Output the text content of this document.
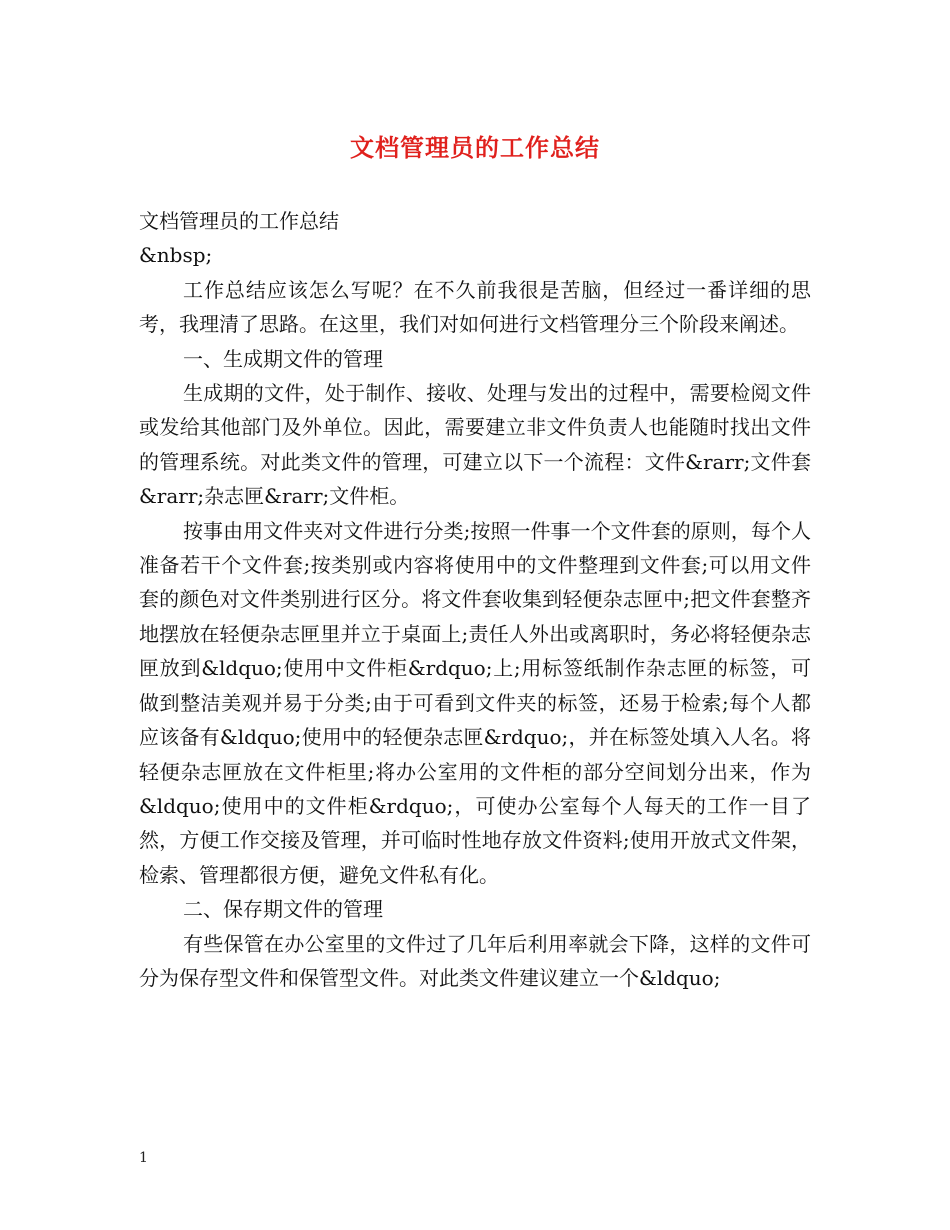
文档管理员的工作总结

文档管理员的工作总结

&nbsp;

工作总结应该怎么写呢？在不久前我很是苦脑，但经过一番详细的思考，我理清了思路。在这里，我们对如何进行文档管理分三个阶段来阐述。

一、生成期文件的管理

生成期的文件，处于制作、接收、处理与发出的过程中，需要检阅文件或发给其他部门及外单位。因此，需要建立非文件负责人也能随时找出文件的管理系统。对此类文件的管理，可建立以下一个流程：文件&rarr;文件套&rarr;杂志匣&rarr;文件柜。

按事由用文件夹对文件进行分类;按照一件事一个文件套的原则，每个人准备若干个文件套;按类别或内容将使用中的文件整理到文件套;可以用文件套的颜色对文件类别进行区分。将文件套收集到轻便杂志匣中;把文件套整齐地摆放在轻便杂志匣里并立于桌面上;责任人外出或离职时，务必将轻便杂志匣放到&ldquo;使用中文件柜&rdquo;上;用标签纸制作杂志匣的标签，可做到整洁美观并易于分类;由于可看到文件夹的标签，还易于检索;每个人都应该备有&ldquo;使用中的轻便杂志匣&rdquo;，并在标签处填入人名。将轻便杂志匣放在文件柜里;将办公室用的文件柜的部分空间划分出来，作为&ldquo;使用中的文件柜&rdquo;，可使办公室每个人每天的工作一目了然，方便工作交接及管理，并可临时性地存放文件资料;使用开放式文件架，检索、管理都很方便，避免文件私有化。

二、保存期文件的管理

有些保管在办公室里的文件过了几年后利用率就会下降，这样的文件可分为保存型文件和保管型文件。对此类文件建议建立一个&ldquo;

1
